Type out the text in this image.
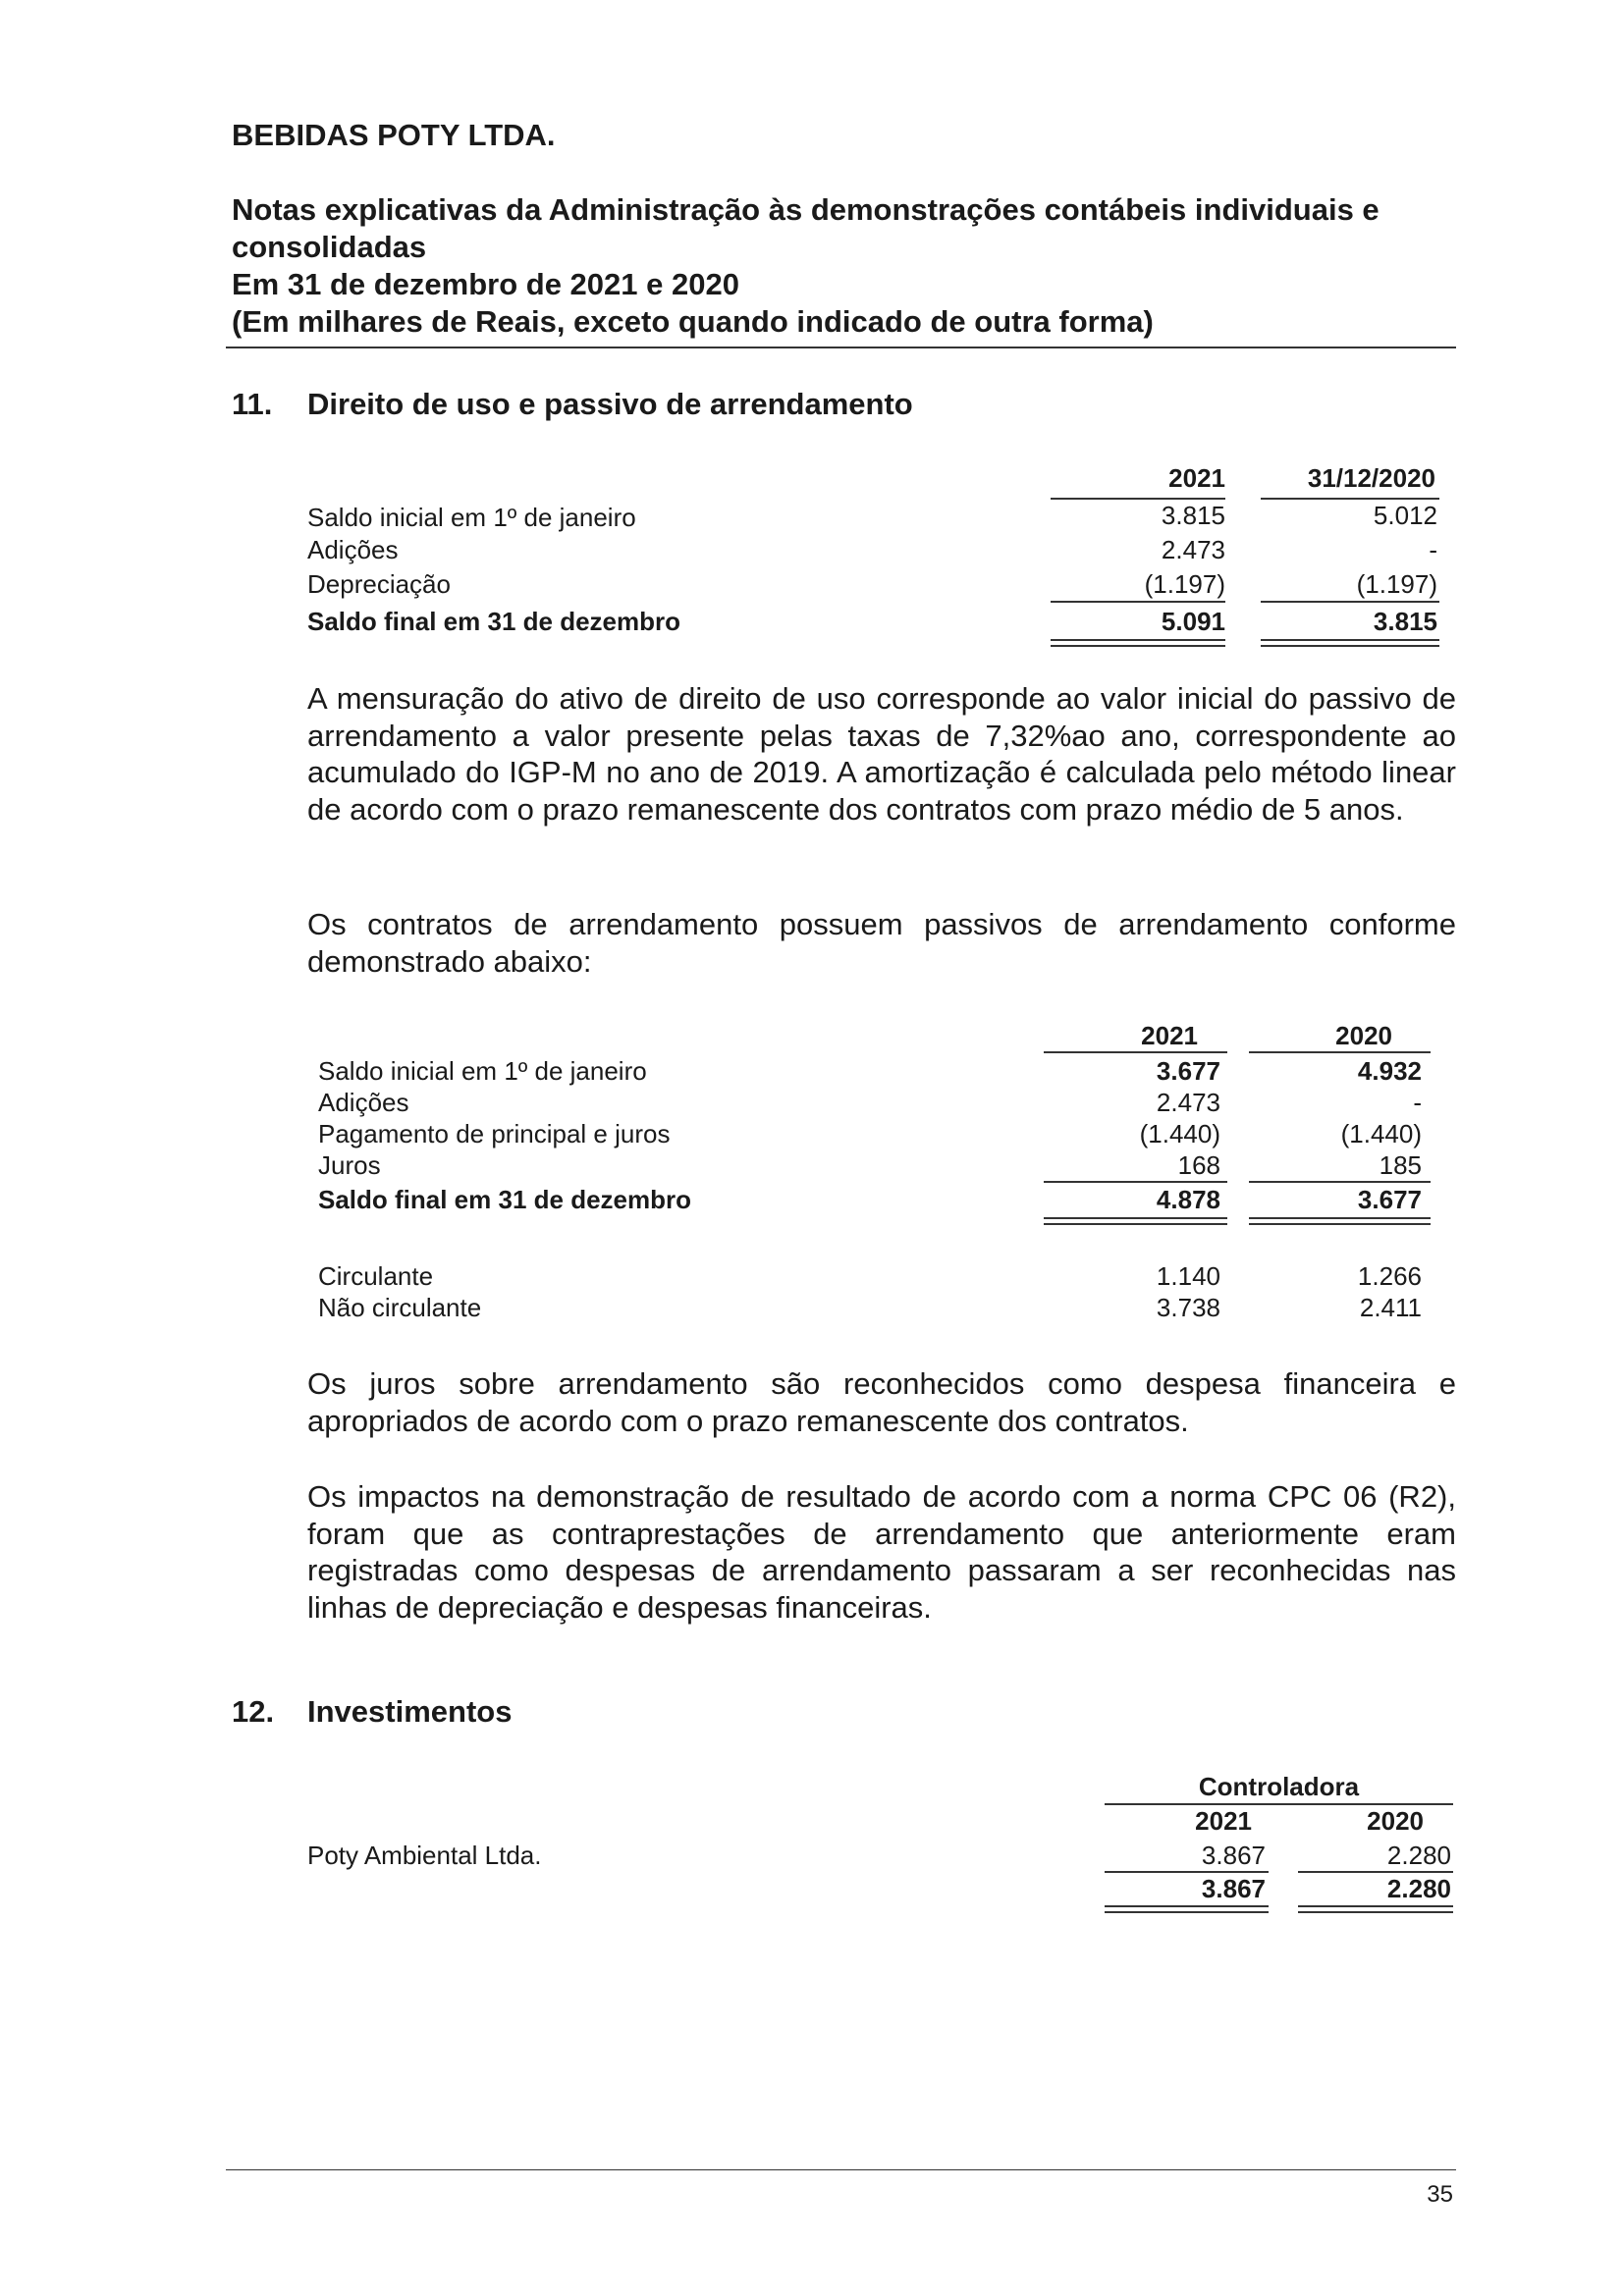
BEBIDAS POTY LTDA.
Notas explicativas da Administração às demonstrações contábeis individuais e
consolidadas
Em 31 de dezembro de 2021 e 2020
(Em milhares de Reais, exceto quando indicado de outra forma)
11. Direito de uso e passivo de arrendamento
2021	31/12/2020
Saldo inicial em 1º de janeiro	3.815	5.012
Adições	2.473	-
Depreciação	(1.197)	(1.197)
Saldo final em 31 de dezembro	5.091	3.815
A mensuração do ativo de direito de uso corresponde ao valor inicial do passivo de arrendamento a valor presente pelas taxas de 7,32%ao ano, correspondente ao acumulado do IGP-M no ano de 2019. A amortização é calculada pelo método linear de acordo com o prazo remanescente dos contratos com prazo médio de 5 anos.
Os contratos de arrendamento possuem passivos de arrendamento conforme demonstrado abaixo:
2021	2020
Saldo inicial em 1º de janeiro	3.677	4.932
Adições	2.473	-
Pagamento de principal e juros	(1.440)	(1.440)
Juros	168	185
Saldo final em 31 de dezembro	4.878	3.677
Circulante	1.140	1.266
Não circulante	3.738	2.411
Os juros sobre arrendamento são reconhecidos como despesa financeira e apropriados de acordo com o prazo remanescente dos contratos.
Os impactos na demonstração de resultado de acordo com a norma CPC 06 (R2), foram que as contraprestações de arrendamento que anteriormente eram registradas como despesas de arrendamento passaram a ser reconhecidas nas linhas de depreciação e despesas financeiras.
12. Investimentos
Controladora
2021	2020
Poty Ambiental Ltda.	3.867	2.280
3.867	2.280
35
